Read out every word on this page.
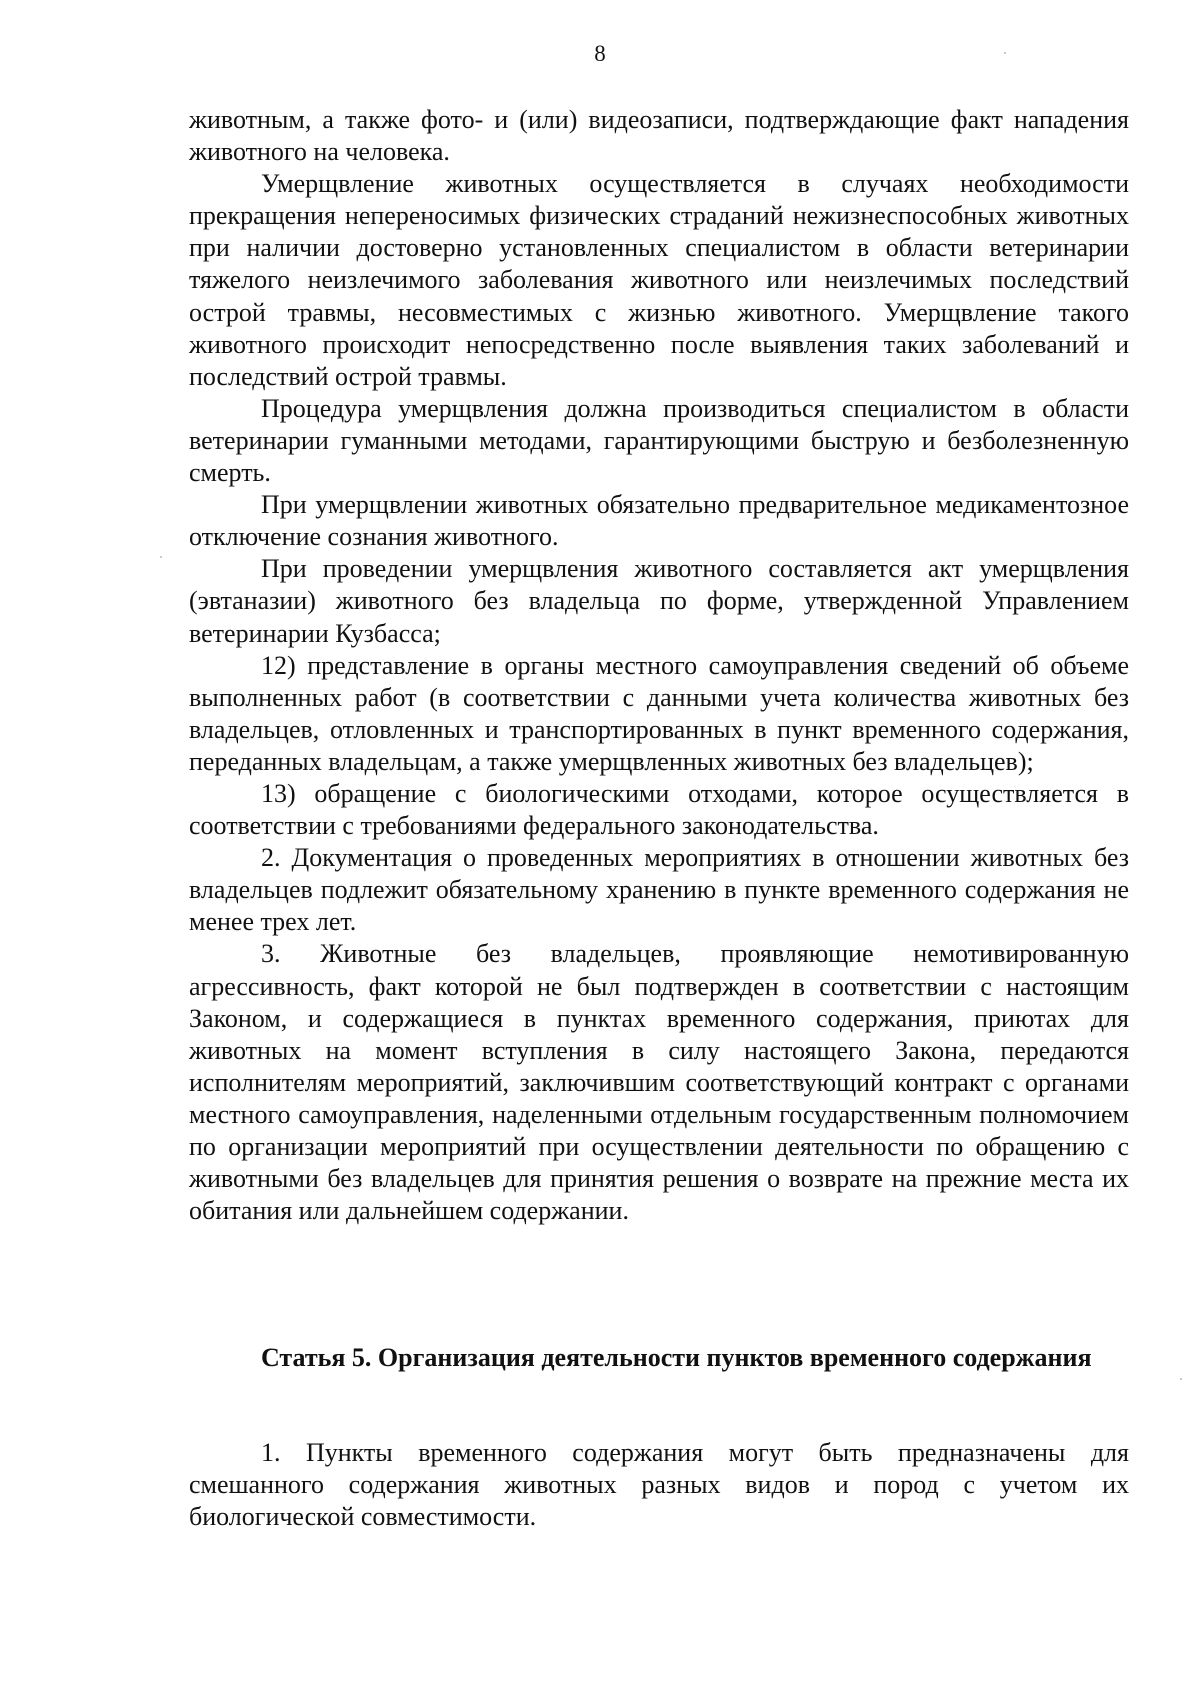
8

животным, а также фото- и (или) видеозаписи, подтверждающие факт нападения животного на человека.

Умерщвление животных осуществляется в случаях необходимости прекращения непереносимых физических страданий нежизнеспособных животных при наличии достоверно установленных специалистом в области ветеринарии тяжелого неизлечимого заболевания животного или неизлечимых последствий острой травмы, несовместимых с жизнью животного. Умерщвление такого животного происходит непосредственно после выявления таких заболеваний и последствий острой травмы.

Процедура умерщвления должна производиться специалистом в области ветеринарии гуманными методами, гарантирующими быструю и безболезненную смерть.

При умерщвлении животных обязательно предварительное медикаментозное отключение сознания животного.

При проведении умерщвления животного составляется акт умерщвления (эвтаназии) животного без владельца по форме, утвержденной Управлением ветеринарии Кузбасса;

12) представление в органы местного самоуправления сведений об объеме выполненных работ (в соответствии с данными учета количества животных без владельцев, отловленных и транспортированных в пункт временного содержания, переданных владельцам, а также умерщвленных животных без владельцев);

13) обращение с биологическими отходами, которое осуществляется в соответствии с требованиями федерального законодательства.

2. Документация о проведенных мероприятиях в отношении животных без владельцев подлежит обязательному хранению в пункте временного содержания не менее трех лет.

3. Животные без владельцев, проявляющие немотивированную агрессивность, факт которой не был подтвержден в соответствии с настоящим Законом, и содержащиеся в пунктах временного содержания, приютах для животных на момент вступления в силу настоящего Закона, передаются исполнителям мероприятий, заключившим соответствующий контракт с органами местного самоуправления, наделенными отдельным государственным полномочием по организации мероприятий при осуществлении деятельности по обращению с животными без владельцев для принятия решения о возврате на прежние места их обитания или дальнейшем содержании.

Статья 5. Организация деятельности пунктов временного содержания

1. Пункты временного содержания могут быть предназначены для смешанного содержания животных разных видов и пород с учетом их биологической совместимости.
